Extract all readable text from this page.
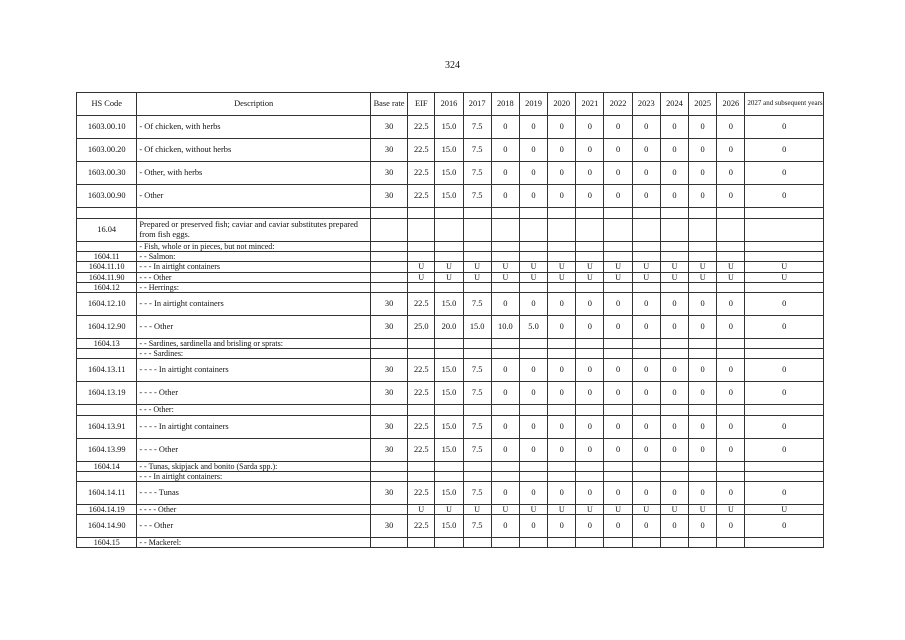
324
HS Code	Description	Base rate	EIF	2016	2017	2018	2019	2020	2021	2022	2023	2024	2025	2026	2027 and subsequent years
1603.00.10	- Of chicken, with herbs	30	22.5	15.0	7.5	0	0	0	0	0	0	0	0	0	0
1603.00.20	- Of chicken, without herbs	30	22.5	15.0	7.5	0	0	0	0	0	0	0	0	0	0
1603.00.30	- Other, with herbs	30	22.5	15.0	7.5	0	0	0	0	0	0	0	0	0	0
1603.00.90	- Other	30	22.5	15.0	7.5	0	0	0	0	0	0	0	0	0	0

16.04	Prepared or preserved fish; caviar and caviar substitutes prepared from fish eggs.														
	- Fish, whole or in pieces, but not minced:														
1604.11	- - Salmon:														
1604.11.10	- - - In airtight containers		U	U	U	U	U	U	U	U	U	U	U	U	U
1604.11.90	- - - Other		U	U	U	U	U	U	U	U	U	U	U	U	U
1604.12	- - Herrings:														
1604.12.10	- - - In airtight containers	30	22.5	15.0	7.5	0	0	0	0	0	0	0	0	0	0
1604.12.90	- - - Other	30	25.0	20.0	15.0	10.0	5.0	0	0	0	0	0	0	0	0
1604.13	- - Sardines, sardinella and brisling or sprats:														
	- - - Sardines:														
1604.13.11	- - - - In airtight containers	30	22.5	15.0	7.5	0	0	0	0	0	0	0	0	0	0
1604.13.19	- - - - Other	30	22.5	15.0	7.5	0	0	0	0	0	0	0	0	0	0
	- - - Other:														
1604.13.91	- - - - In airtight containers	30	22.5	15.0	7.5	0	0	0	0	0	0	0	0	0	0
1604.13.99	- - - - Other	30	22.5	15.0	7.5	0	0	0	0	0	0	0	0	0	0
1604.14	- - Tunas, skipjack and bonito (Sarda spp.):														
	- - - In airtight containers:														
1604.14.11	- - - - Tunas	30	22.5	15.0	7.5	0	0	0	0	0	0	0	0	0	0
1604.14.19	- - - - Other		U	U	U	U	U	U	U	U	U	U	U	U	U
1604.14.90	- - - Other	30	22.5	15.0	7.5	0	0	0	0	0	0	0	0	0	0
1604.15	- - Mackerel:														
